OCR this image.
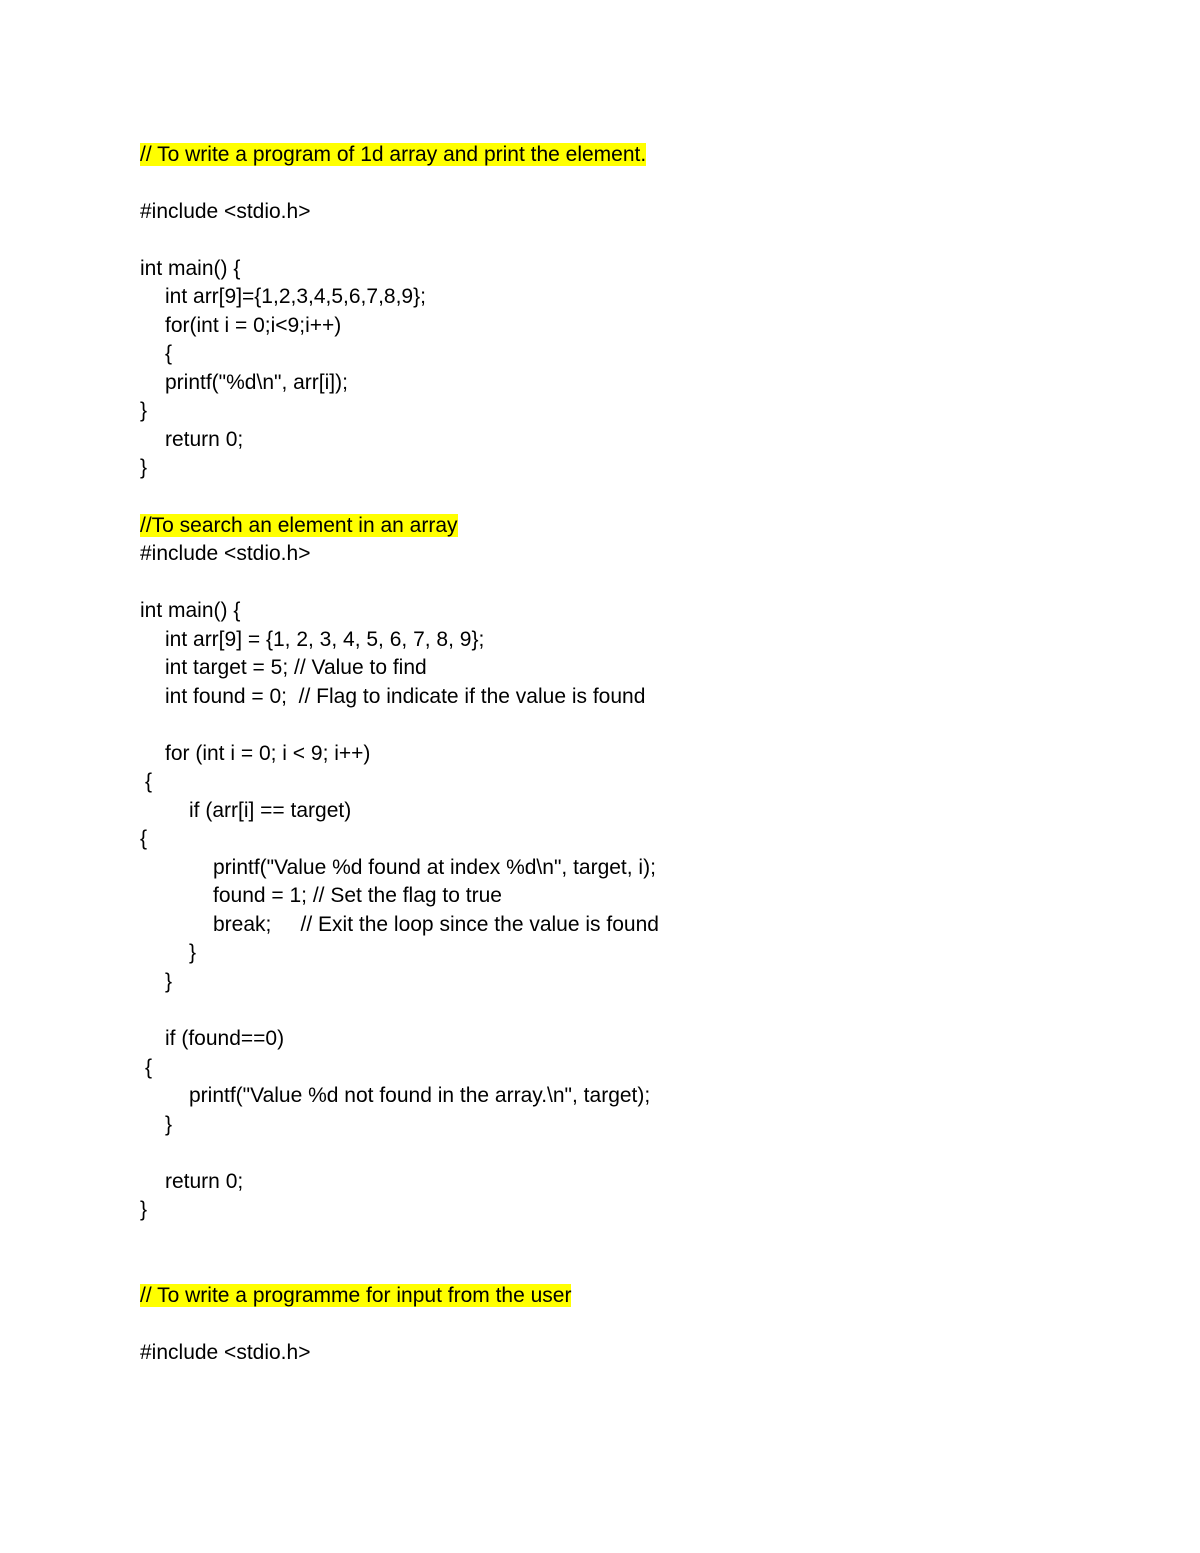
// To write a program of 1d array and print the element.
#include <stdio.h>
int main() {
int arr[9]={1,2,3,4,5,6,7,8,9};
for(int i = 0;i<9;i++)
{
printf("%d\n", arr[i]);
}
return 0;
}
//To search an element in an array
#include <stdio.h>
int main() {
int arr[9] = {1, 2, 3, 4, 5, 6, 7, 8, 9};
int target = 5; // Value to find
int found = 0;  // Flag to indicate if the value is found
for (int i = 0; i < 9; i++)
{
if (arr[i] == target)
{
printf("Value %d found at index %d\n", target, i);
found = 1; // Set the flag to true
break;     // Exit the loop since the value is found
}
}
if (found==0)
{
printf("Value %d not found in the array.\n", target);
}
return 0;
}
// To write a programme for input from the user
#include <stdio.h>
